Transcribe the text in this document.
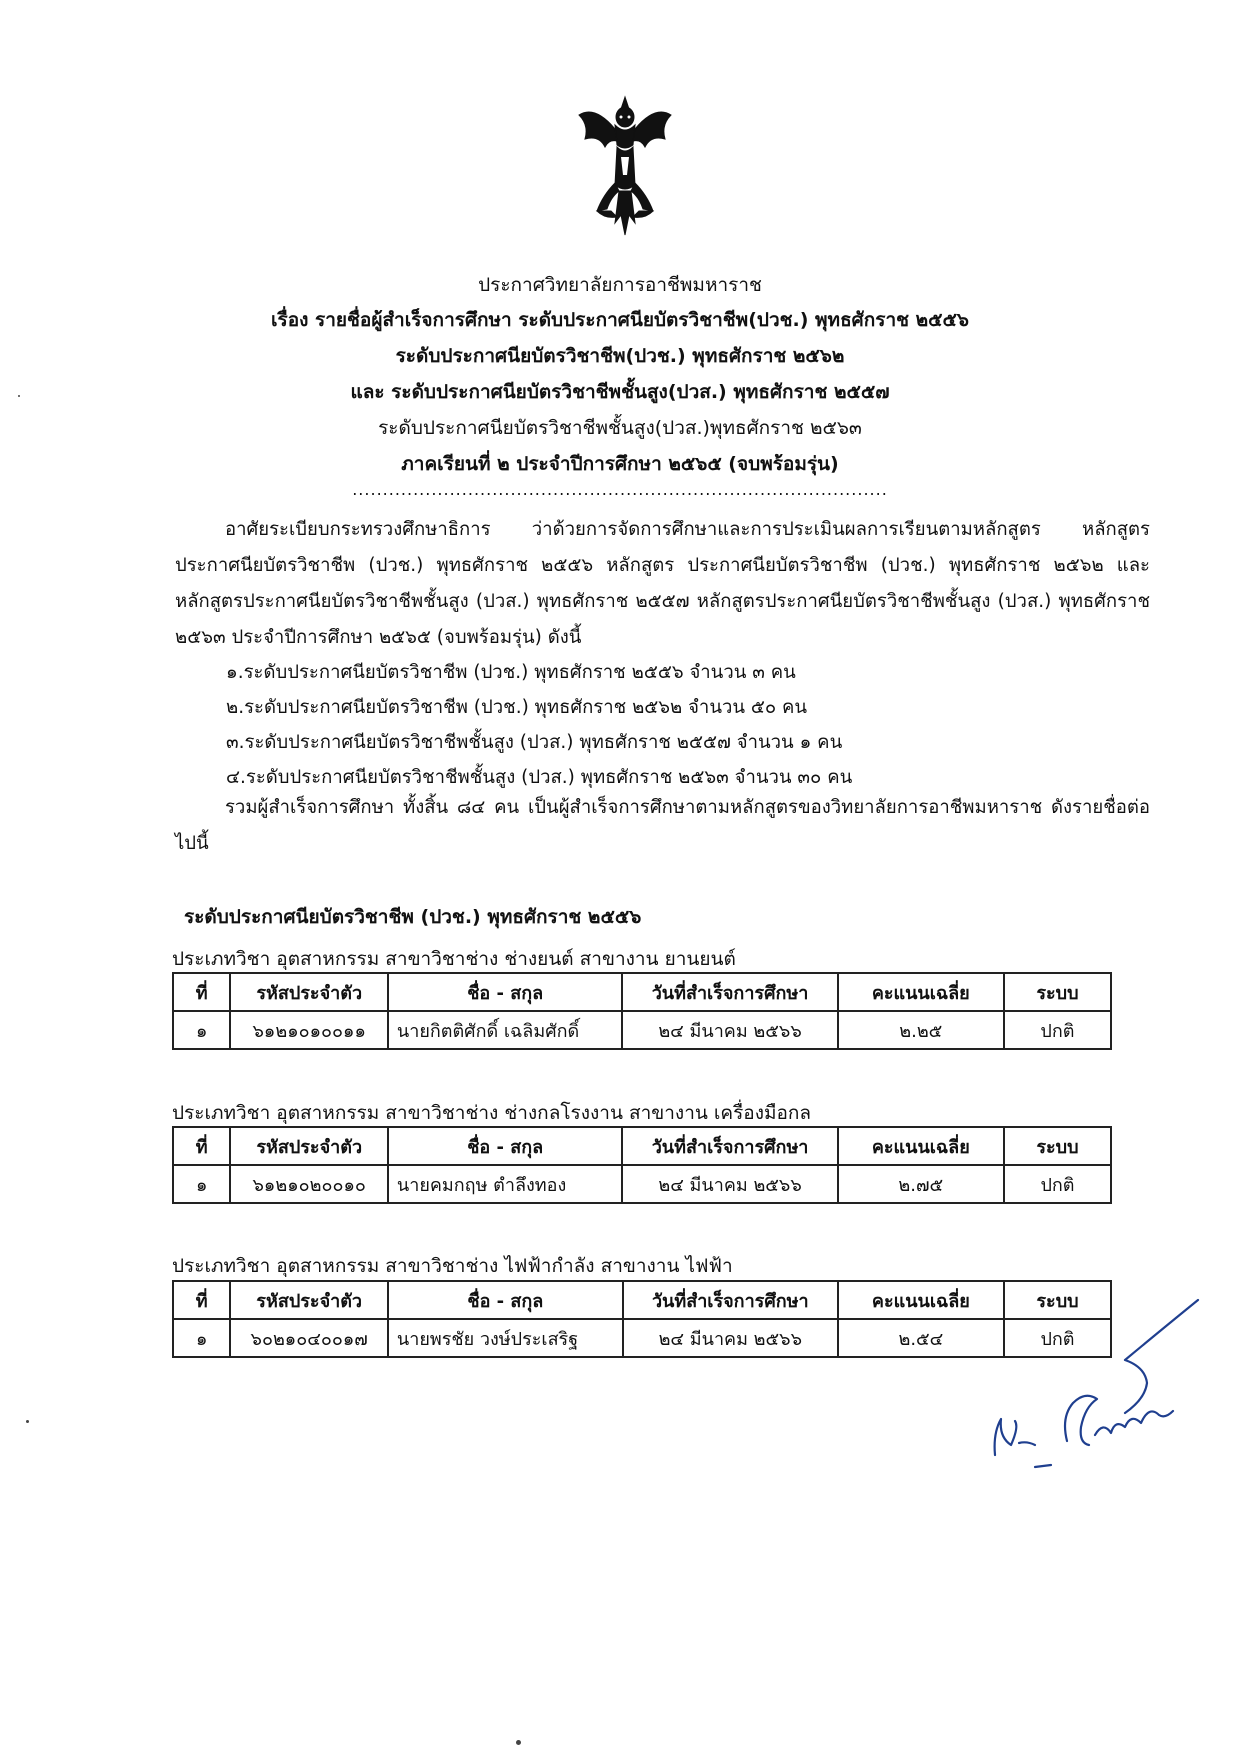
ประกาศวิทยาลัยการอาชีพมหาราช
เรื่อง รายชื่อผู้สำเร็จการศึกษา ระดับประกาศนียบัตรวิชาชีพ(ปวช.) พุทธศักราช ๒๕๕๖
ระดับประกาศนียบัตรวิชาชีพ(ปวช.) พุทธศักราช ๒๕๖๒
และ ระดับประกาศนียบัตรวิชาชีพชั้นสูง(ปวส.) พุทธศักราช ๒๕๕๗
ระดับประกาศนียบัตรวิชาชีพชั้นสูง(ปวส.)พุทธศักราช ๒๕๖๓
ภาคเรียนที่ ๒ ประจำปีการศึกษา ๒๕๖๕ (จบพร้อมรุ่น)
........................................................................................
อาศัยระเบียบกระทรวงศึกษาธิการ ว่าด้วยการจัดการศึกษาและการประเมินผลการเรียนตามหลักสูตร หลักสูตรประกาศนียบัตรวิชาชีพ (ปวช.) พุทธศักราช ๒๕๕๖ หลักสูตร ประกาศนียบัตรวิชาชีพ (ปวช.) พุทธศักราช ๒๕๖๒ และหลักสูตรประกาศนียบัตรวิชาชีพชั้นสูง (ปวส.) พุทธศักราช ๒๕๕๗ หลักสูตรประกาศนียบัตรวิชาชีพชั้นสูง (ปวส.) พุทธศักราช ๒๕๖๓ ประจำปีการศึกษา ๒๕๖๕ (จบพร้อมรุ่น) ดังนี้
๑.ระดับประกาศนียบัตรวิชาชีพ (ปวช.) พุทธศักราช ๒๕๕๖ จำนวน ๓ คน
๒.ระดับประกาศนียบัตรวิชาชีพ (ปวช.) พุทธศักราช ๒๕๖๒ จำนวน ๕๐ คน
๓.ระดับประกาศนียบัตรวิชาชีพชั้นสูง (ปวส.) พุทธศักราช ๒๕๕๗ จำนวน ๑ คน
๔.ระดับประกาศนียบัตรวิชาชีพชั้นสูง (ปวส.) พุทธศักราช ๒๕๖๓ จำนวน ๓๐ คน
รวมผู้สำเร็จการศึกษา ทั้งสิ้น ๘๔ คน เป็นผู้สำเร็จการศึกษาตามหลักสูตรของวิทยาลัยการอาชีพมหาราช ดังรายชื่อต่อไปนี้
ระดับประกาศนียบัตรวิชาชีพ (ปวช.) พุทธศักราช ๒๕๕๖
ประเภทวิชา อุตสาหกรรม สาขาวิชาช่าง ช่างยนต์ สาขางาน ยานยนต์
ที่	รหัสประจำตัว	ชื่อ - สกุล	วันที่สำเร็จการศึกษา	คะแนนเฉลี่ย	ระบบ
๑	๖๑๒๑๐๑๐๐๑๑	นายกิตติศักดิ์ เฉลิมศักดิ์	๒๔ มีนาคม ๒๕๖๖	๒.๒๕	ปกติ
ประเภทวิชา อุตสาหกรรม สาขาวิชาช่าง ช่างกลโรงงาน สาขางาน เครื่องมือกล
ที่	รหัสประจำตัว	ชื่อ - สกุล	วันที่สำเร็จการศึกษา	คะแนนเฉลี่ย	ระบบ
๑	๖๑๒๑๐๒๐๐๑๐	นายคมกฤษ ตำลึงทอง	๒๔ มีนาคม ๒๕๖๖	๒.๗๕	ปกติ
ประเภทวิชา อุตสาหกรรม สาขาวิชาช่าง ไฟฟ้ากำลัง สาขางาน ไฟฟ้า
ที่	รหัสประจำตัว	ชื่อ - สกุล	วันที่สำเร็จการศึกษา	คะแนนเฉลี่ย	ระบบ
๑	๖๐๒๑๐๔๐๐๑๗	นายพรชัย วงษ์ประเสริฐ	๒๔ มีนาคม ๒๕๖๖	๒.๕๔	ปกติ
